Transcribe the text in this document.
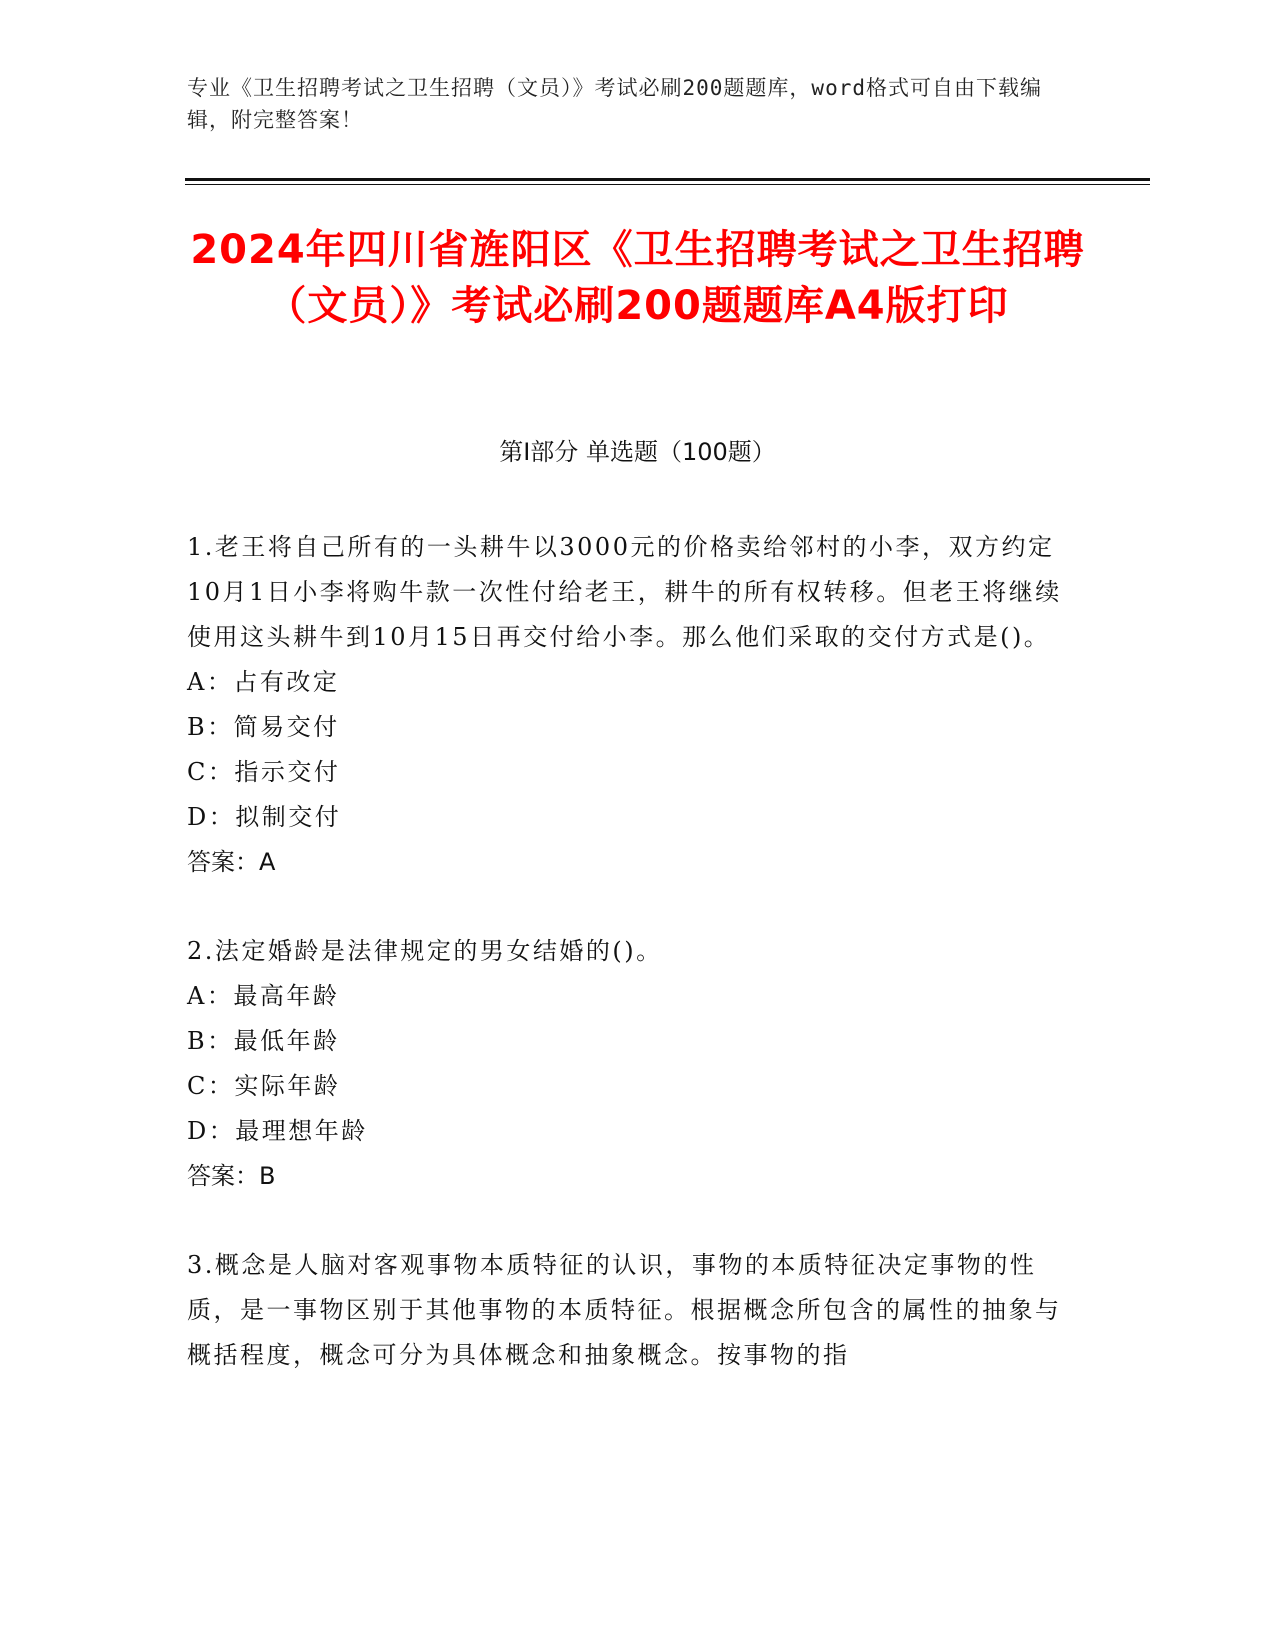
专业《卫生招聘考试之卫生招聘（文员）》考试必刷200题题库，word格式可自由下载编辑，附完整答案！
2024年四川省旌阳区《卫生招聘考试之卫生招聘（文员）》考试必刷200题题库A4版打印
第I部分 单选题（100题）

1.老王将自己所有的一头耕牛以3000元的价格卖给邻村的小李，双方约定10月1日小李将购牛款一次性付给老王，耕牛的所有权转移。但老王将继续使用这头耕牛到10月15日再交付给小李。那么他们采取的交付方式是()。

A：占有改定

B：简易交付

C：指示交付

D：拟制交付

答案：A

2.法定婚龄是法律规定的男女结婚的()。

A：最高年龄

B：最低年龄

C：实际年龄

D：最理想年龄

答案：B

3.概念是人脑对客观事物本质特征的认识，事物的本质特征决定事物的性质，是一事物区别于其他事物的本质特征。根据概念所包含的属性的抽象与概括程度，概念可分为具体概念和抽象概念。按事物的指
